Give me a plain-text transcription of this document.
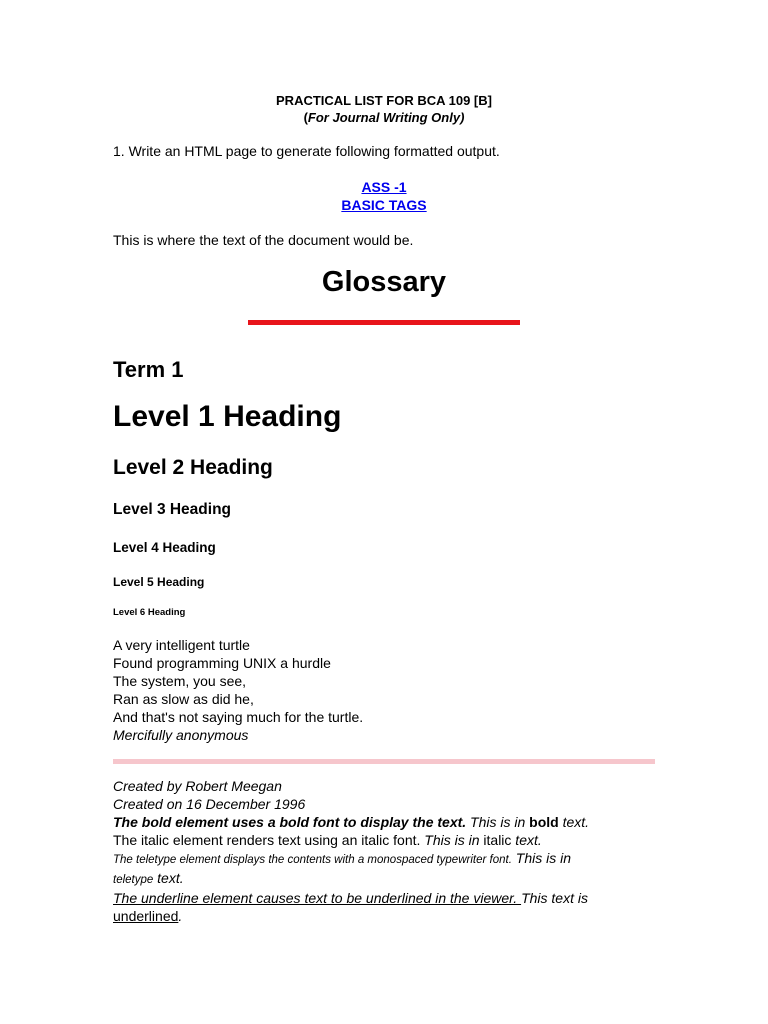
PRACTICAL LIST FOR BCA 109 [B]
(For Journal Writing Only)
1. Write an HTML page to generate following formatted output.
ASS -1
BASIC TAGS
This is where the text of the document would be.
Glossary
Term 1
Level 1 Heading
Level 2 Heading
Level 3 Heading
Level 4 Heading
Level 5 Heading
Level 6 Heading
A very intelligent turtle
Found programming UNIX a hurdle
The system, you see,
Ran as slow as did he,
And that's not saying much for the turtle.
Mercifully anonymous
Created by Robert Meegan
Created on 16 December 1996
The bold element uses a bold font to display the text. This is in bold text.
The italic element renders text using an italic font. This is in italic text.
The teletype element displays the contents with a monospaced typewriter font. This is in
teletype text.
The underline element causes text to be underlined in the viewer. This text is
underlined.
